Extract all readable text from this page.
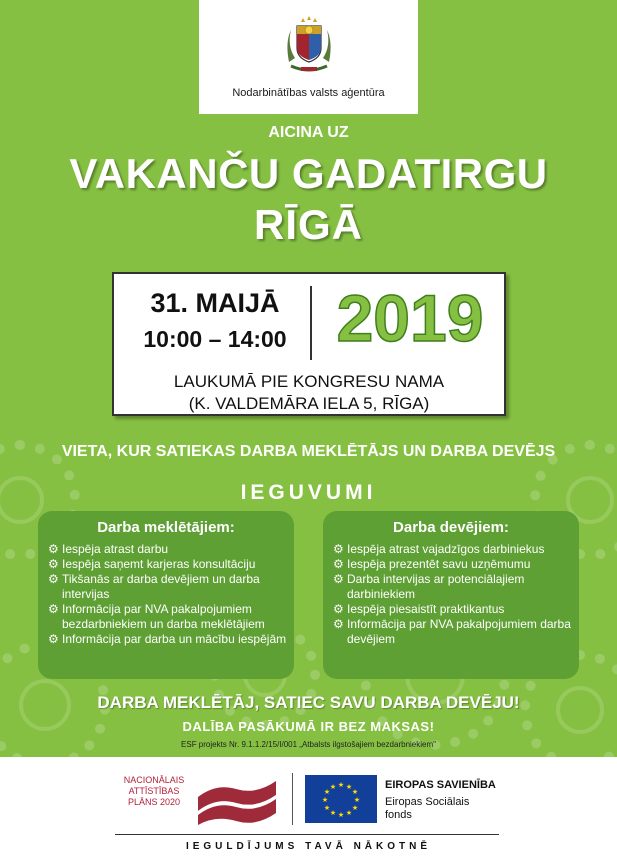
Nodarbinātības valsts aģentūra
AICINA UZ
VAKANČU GADATIRGU
RĪGĀ
31. MAIJĀ
10:00 – 14:00 2019
LAUKUMĀ PIE KONGRESU NAMA
(K. VALDEMĀRA IELA 5, RĪGA)
VIETA, KUR SATIEKAS DARBA MEKLĒTĀJS UN DARBA DEVĒJS
IEGUVUMI
Darba meklētājiem:
⚙ Iespēja atrast darbu
⚙ Iespēja saņemt karjeras konsultāciju
⚙ Tikšanās ar darba devējiem un darba intervijas
⚙ Informācija par NVA pakalpojumiem bezdarbniekiem un darba meklētājiem
⚙ Informācija par darba un mācību iespējām
Darba devējiem:
⚙ Iespēja atrast vajadzīgos darbiniekus
⚙ Iespēja prezentēt savu uzņēmumu
⚙ Darba intervijas ar potenciālajiem darbiniekiem
⚙ Iespēja piesaistīt praktikantus
⚙ Informācija par NVA pakalpojumiem darba devējiem
DARBA MEKLĒTĀJ, SATIEC SAVU DARBA DEVĒJU!
DALĪBA PASĀKUMĀ IR BEZ MAKSAS!
ESF projekts Nr. 9.1.1.2/15/I/001 „Atbalsts ilgstošajiem bezdarbniekiem"
NACIONĀLAIS
ATTĪSTĪBAS
PLĀNS 2020
★ ★
★
★
★
★
★
★
★
★
★
★	EIROPAS SAVIENĪBA
Eiropas Sociālais
fonds
IEGULDĪJUMS TAVĀ NĀKOTNĒ
